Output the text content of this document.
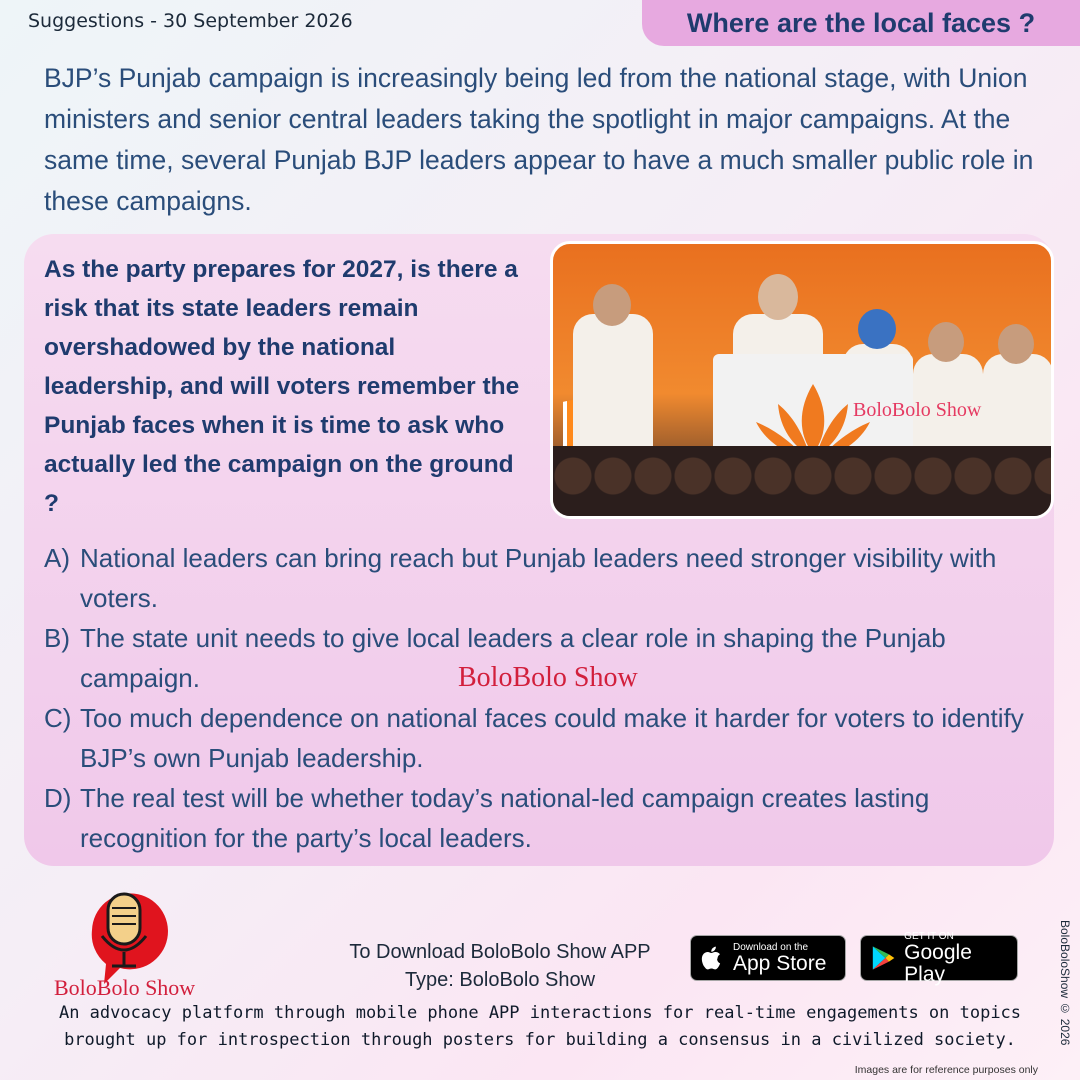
Suggestions - 30 September 2026	Where are the local faces ?
BJP’s Punjab campaign is increasingly being led from the national stage, with Union ministers and senior central leaders taking the spotlight in major campaigns. At the same time, several Punjab BJP leaders appear to have a much smaller public role in these campaigns.
As the party prepares for 2027, is there a risk that its state leaders remain overshadowed by the national leadership, and will voters remember the Punjab faces when it is time to ask who actually led the campaign on the ground ?
BoloBolo Show
A) National leaders can bring reach but Punjab leaders need stronger visibility with voters.
B) The state unit needs to give local leaders a clear role in shaping the Punjab campaign.
C) Too much dependence on national faces could make it harder for voters to identify BJP’s own Punjab leadership.
D) The real test will be whether today’s national-led campaign creates lasting recognition for the party’s local leaders.
BoloBolo Show
BoloBolo Show
To Download BoloBolo Show APP
Type: BoloBolo Show
Download on the
App Store
GET IT ON
Google Play
An advocacy platform through mobile phone APP interactions for real-time engagements on topics brought up for introspection through posters for building a consensus in a civilized society.	BoloBoloShow © 2026
Images are for reference purposes only
